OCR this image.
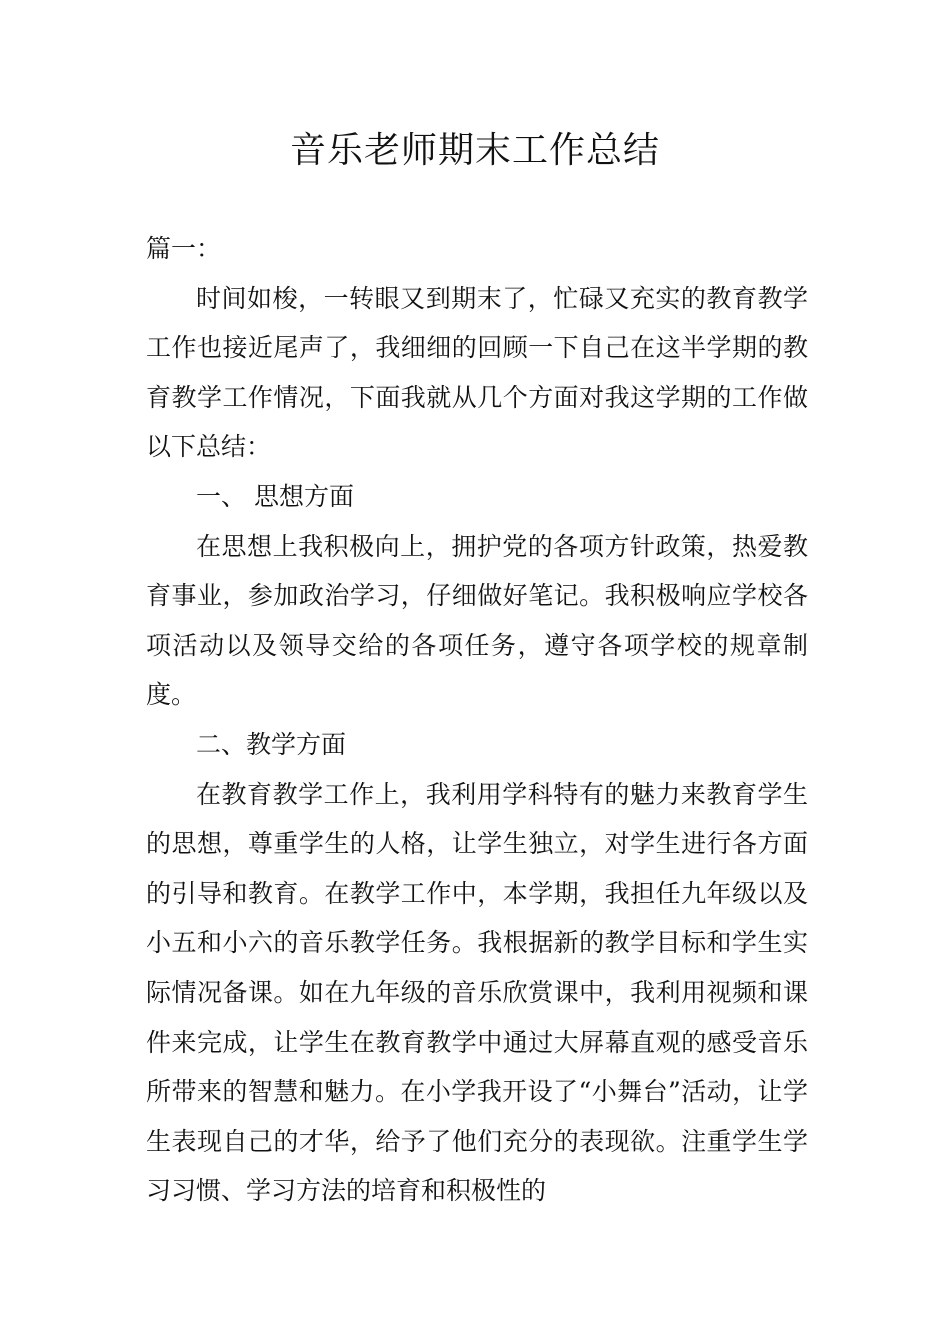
音乐老师期末工作总结

篇一：

时间如梭，一转眼又到期末了，忙碌又充实的教育教学工作也接近尾声了，我细细的回顾一下自己在这半学期的教育教学工作情况，下面我就从几个方面对我这学期的工作做以下总结：

一、 思想方面

在思想上我积极向上，拥护党的各项方针政策，热爱教育事业，参加政治学习，仔细做好笔记。我积极响应学校各项活动以及领导交给的各项任务，遵守各项学校的规章制度。

二、教学方面

在教育教学工作上，我利用学科特有的魅力来教育学生的思想，尊重学生的人格，让学生独立，对学生进行各方面的引导和教育。在教学工作中，本学期，我担任九年级以及小五和小六的音乐教学任务。我根据新的教学目标和学生实际情况备课。如在九年级的音乐欣赏课中，我利用视频和课件来完成，让学生在教育教学中通过大屏幕直观的感受音乐所带来的智慧和魅力。在小学我开设了“小舞台”活动，让学生表现自己的才华，给予了他们充分的表现欲。注重学生学习习惯、学习方法的培育和积极性的
